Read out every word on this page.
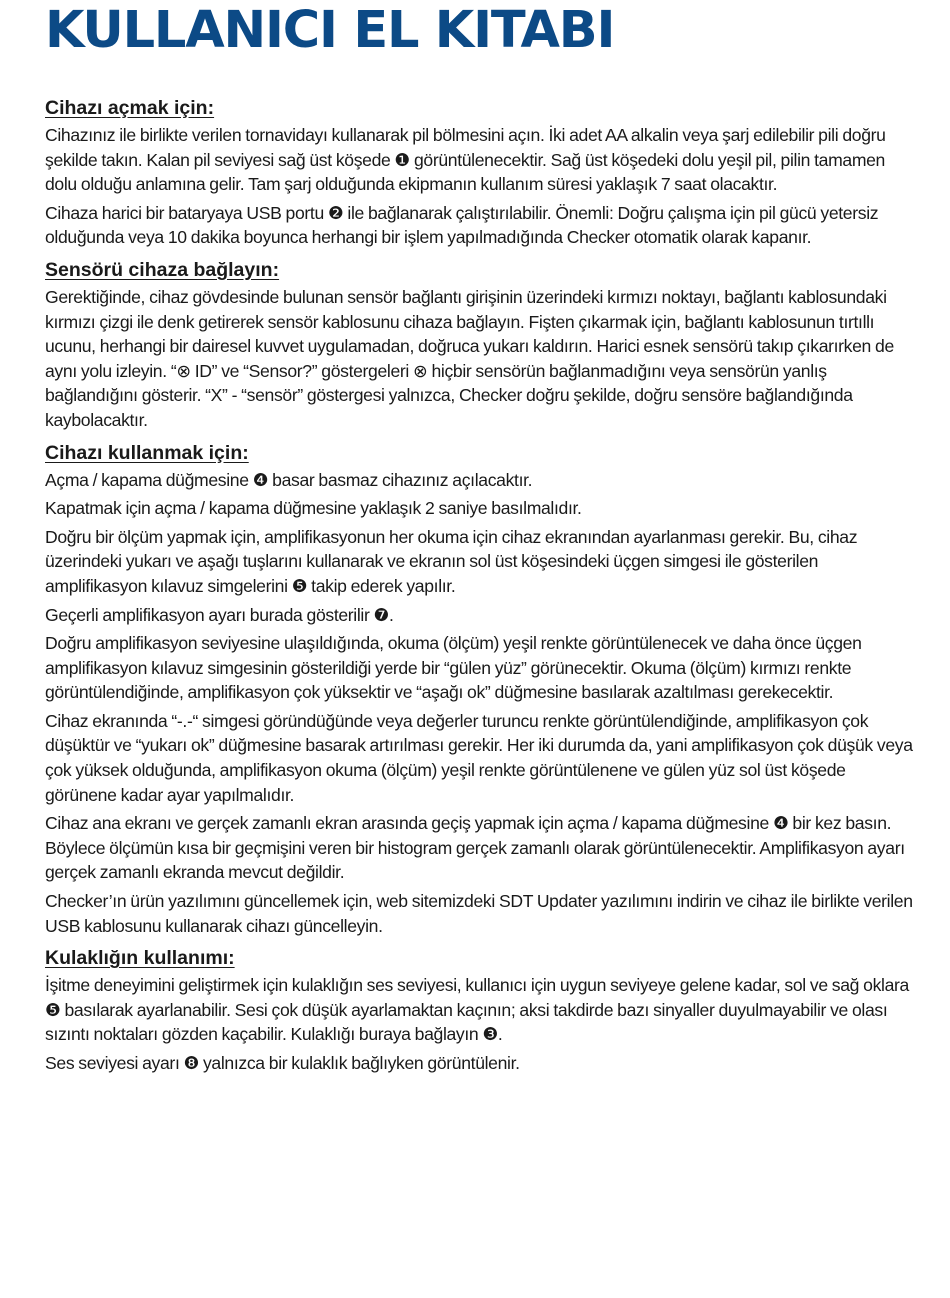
KULLANICI EL KITABI
Cihazı açmak için:

Cihazınız ile birlikte verilen tornavidayı kullanarak pil bölmesini açın. İki adet AA alkalin veya şarj edilebilir pili doğru şekilde takın. Kalan pil seviyesi sağ üst köşede ❶ görüntülenecektir. Sağ üst köşedeki dolu yeşil pil, pilin tamamen dolu olduğu anlamına gelir. Tam şarj olduğunda ekipmanın kullanım süresi yaklaşık 7 saat olacaktır.

Cihaza harici bir bataryaya USB portu ❷ ile bağlanarak çalıştırılabilir. Önemli: Doğru çalışma için pil gücü yetersiz olduğunda veya 10 dakika boyunca herhangi bir işlem yapılmadığında Checker otomatik olarak kapanır.

Sensörü cihaza bağlayın:

Gerektiğinde, cihaz gövdesinde bulunan sensör bağlantı girişinin üzerindeki kırmızı noktayı, bağlantı kablosundaki kırmızı çizgi ile denk getirerek sensör kablosunu cihaza bağlayın. Fişten çıkarmak için, bağlantı kablosunun tırtıllı ucunu, herhangi bir dairesel kuvvet uygulamadan, doğruca yukarı kaldırın. Harici esnek sensörü takıp çıkarırken de aynı yolu izleyin. “⊗ ID” ve “Sensor?” göstergeleri ⊗ hiçbir sensörün bağlanmadığını veya sensörün yanlış bağlandığını gösterir. “X” - “sensör” göstergesi yalnızca, Checker doğru şekilde, doğru sensöre bağlandığında kaybolacaktır.

Cihazı kullanmak için:

Açma / kapama düğmesine ❹ basar basmaz cihazınız açılacaktır.

Kapatmak için açma / kapama düğmesine yaklaşık 2 saniye basılmalıdır.

Doğru bir ölçüm yapmak için, amplifikasyonun her okuma için cihaz ekranından ayarlanması gerekir. Bu, cihaz üzerindeki yukarı ve aşağı tuşlarını kullanarak ve ekranın sol üst köşesindeki üçgen simgesi ile gösterilen amplifikasyon kılavuz simgelerini ❺ takip ederek yapılır.

Geçerli amplifikasyon ayarı burada gösterilir ❼.

Doğru amplifikasyon seviyesine ulaşıldığında, okuma (ölçüm) yeşil renkte görüntülenecek ve daha önce üçgen amplifikasyon kılavuz simgesinin gösterildiği yerde bir “gülen yüz” görünecektir. Okuma (ölçüm) kırmızı renkte görüntülendiğinde, amplifikasyon çok yüksektir ve “aşağı ok” düğmesine basılarak azaltılması gerekecektir.

Cihaz ekranında “-.-“ simgesi göründüğünde veya değerler turuncu renkte görüntülendiğinde, amplifikasyon çok düşüktür ve “yukarı ok” düğmesine basarak artırılması gerekir. Her iki durumda da, yani amplifikasyon çok düşük veya çok yüksek olduğunda, amplifikasyon okuma (ölçüm) yeşil renkte görüntülenene ve gülen yüz sol üst köşede görünene kadar ayar yapılmalıdır.

Cihaz ana ekranı ve gerçek zamanlı ekran arasında geçiş yapmak için açma / kapama düğmesine ❹ bir kez basın. Böylece ölçümün kısa bir geçmişini veren bir histogram gerçek zamanlı olarak görüntülenecektir. Amplifikasyon ayarı gerçek zamanlı ekranda mevcut değildir.

Checker’ın ürün yazılımını güncellemek için, web sitemizdeki SDT Updater yazılımını indirin ve cihaz ile birlikte verilen USB kablosunu kullanarak cihazı güncelleyin.

Kulaklığın kullanımı:

İşitme deneyimini geliştirmek için kulaklığın ses seviyesi, kullanıcı için uygun seviyeye gelene kadar, sol ve sağ oklara ❺ basılarak ayarlanabilir. Sesi çok düşük ayarlamaktan kaçının; aksi takdirde bazı sinyaller duyulmayabilir ve olası sızıntı noktaları gözden kaçabilir. Kulaklığı buraya bağlayın ❸.

Ses seviyesi ayarı ❽ yalnızca bir kulaklık bağlıyken görüntülenir.
